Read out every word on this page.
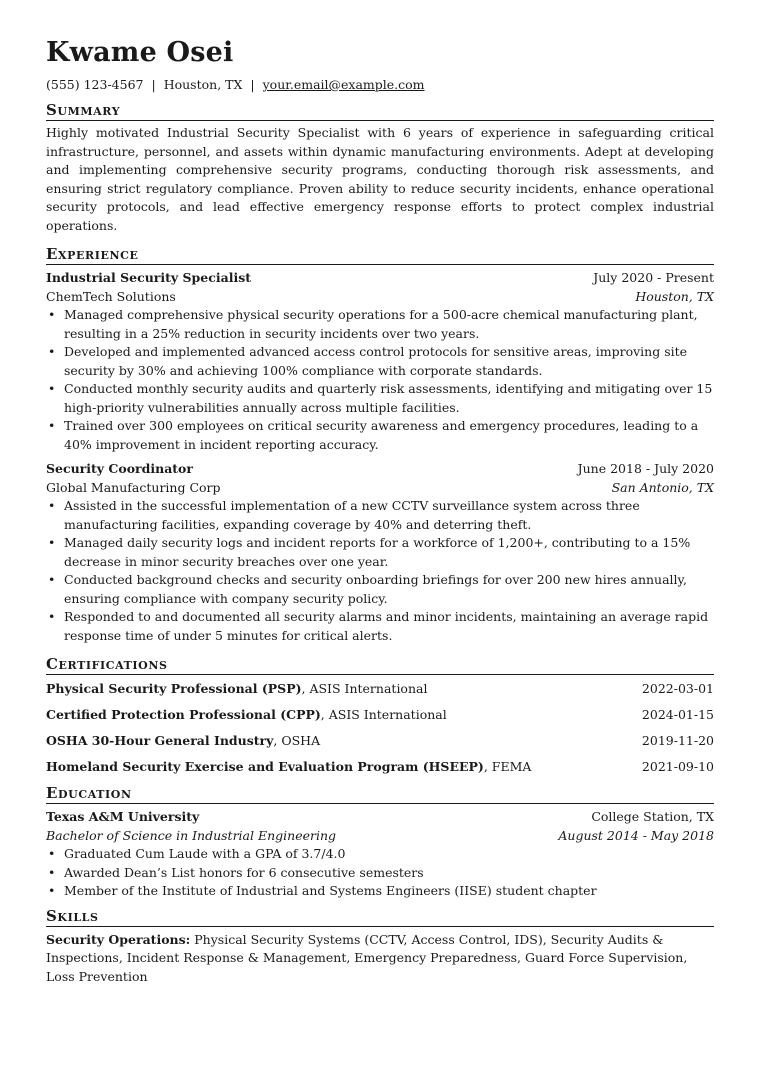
Kwame Osei
(555) 123-4567 | Houston, TX | your.email@example.com
Summary
Highly motivated Industrial Security Specialist with 6 years of experience in safeguarding critical infrastructure, personnel, and assets within dynamic manufacturing environments. Adept at developing and implementing comprehensive security programs, conducting thorough risk assessments, and ensuring strict regulatory compliance. Proven ability to reduce security incidents, enhance operational security protocols, and lead effective emergency response efforts to protect complex industrial operations.
Experience
Industrial Security Specialist	July 2020 - Present
ChemTech Solutions	Houston, TX
• Managed comprehensive physical security operations for a 500-acre chemical manufacturing plant, resulting in a 25% reduction in security incidents over two years.
• Developed and implemented advanced access control protocols for sensitive areas, improving site security by 30% and achieving 100% compliance with corporate standards.
• Conducted monthly security audits and quarterly risk assessments, identifying and mitigating over 15 high-priority vulnerabilities annually across multiple facilities.
• Trained over 300 employees on critical security awareness and emergency procedures, leading to a 40% improvement in incident reporting accuracy.
Security Coordinator	June 2018 - July 2020
Global Manufacturing Corp	San Antonio, TX
• Assisted in the successful implementation of a new CCTV surveillance system across three manufacturing facilities, expanding coverage by 40% and deterring theft.
• Managed daily security logs and incident reports for a workforce of 1,200+, contributing to a 15% decrease in minor security breaches over one year.
• Conducted background checks and security onboarding briefings for over 200 new hires annually, ensuring compliance with company security policy.
• Responded to and documented all security alarms and minor incidents, maintaining an average rapid response time of under 5 minutes for critical alerts.
Certifications
Physical Security Professional (PSP), ASIS International	2022-03-01
Certified Protection Professional (CPP), ASIS International	2024-01-15
OSHA 30-Hour General Industry, OSHA	2019-11-20
Homeland Security Exercise and Evaluation Program (HSEEP), FEMA	2021-09-10
Education
Texas A&M University	College Station, TX
Bachelor of Science in Industrial Engineering	August 2014 - May 2018
• Graduated Cum Laude with a GPA of 3.7/4.0
• Awarded Dean’s List honors for 6 consecutive semesters
• Member of the Institute of Industrial and Systems Engineers (IISE) student chapter
Skills
Security Operations: Physical Security Systems (CCTV, Access Control, IDS), Security Audits & Inspections, Incident Response & Management, Emergency Preparedness, Guard Force Supervision, Loss Prevention
